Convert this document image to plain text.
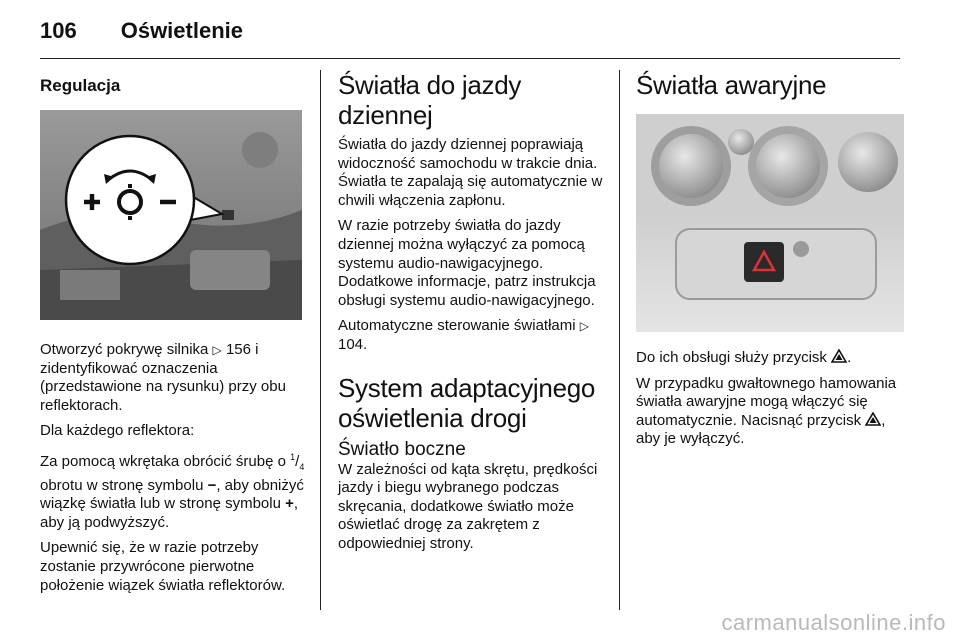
106 Oświetlenie
Regulacja

Otworzyć pokrywę silnika ▷ 156 i zidentyfikować oznaczenia (przedstawione na rysunku) przy obu reflektorach.

Dla każdego reflektora:

Za pomocą wkrętaka obrócić śrubę o $^1/_4$ obrotu w stronę symbolu −, aby obniżyć wiązkę światła lub w stronę symbolu +, aby ją podwyższyć.

Upewnić się, że w razie potrzeby zostanie przywrócone pierwotne położenie wiązek światła reflektorów.

Światła do jazdy dziennej

Światła do jazdy dziennej poprawiają widoczność samochodu w trakcie dnia. Światła te zapalają się automatycznie w chwili włączenia zapłonu.

W razie potrzeby światła do jazdy dziennej można wyłączyć za pomocą systemu audio-nawigacyjnego. Dodatkowe informacje, patrz instrukcja obsługi systemu audio-nawigacyjnego.

Automatyczne sterowanie światłami ▷ 104.

System adaptacyjnego oświetlenia drogi
Światło boczne

W zależności od kąta skrętu, prędkości jazdy i biegu wybranego podczas skręcania, dodatkowe światło może oświetlać drogę za zakrętem z odpowiedniej strony.

Światła awaryjne

Do ich obsługi służy przycisk .

W przypadku gwałtownego hamowania światła awaryjne mogą włączyć się automatycznie. Nacisnąć przycisk , aby je wyłączyć.

carmanualsonline.info
